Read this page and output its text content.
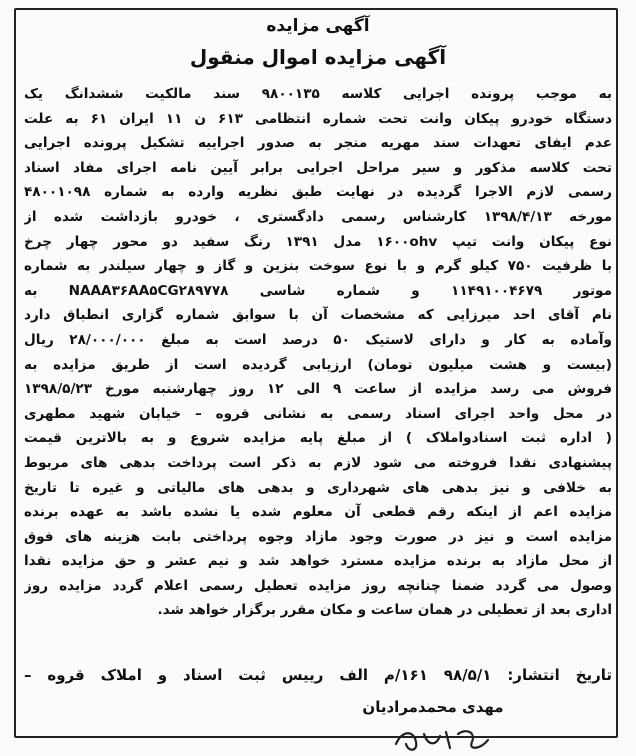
آگهی مزایده
آگهی مزایده اموال منقول
به موجب پرونده اجرایی کلاسه ۹۸۰۰۱۳۵ سند مالکیت ششدانگ یک
دستگاه خودرو پیکان وانت تحت شماره انتظامی ۶۱۳ ن ۱۱ ایران ۶۱ به علت
عدم ایفای تعهدات سند مهریه منجر به صدور اجراییه تشکیل پرونده اجرایی
تحت کلاسه مذکور و سیر مراحل اجرایی برابر آیین نامه اجرای مفاد اسناد
رسمی لازم الاجرا گردیده در نهایت طبق نظریه وارده به شماره ۴۸۰۰۱۰۹۸
مورخه ۱۳۹۸/۴/۱۳ کارشناس رسمی دادگستری ، خودرو بازداشت شده از
نوع پیکان وانت تیپ ۱۶۰۰ohv مدل ۱۳۹۱ رنگ سفید دو محور چهار چرخ
با ظرفیت ۷۵۰ کیلو گرم و با نوع سوخت بنزین و گاز و چهار سیلندر به شماره
موتور ۱۱۴۹۱۰۰۴۶۷۹ و شماره شاسی NAAA۳۶AA۵CG۲۸۹۷۷۸ به
نام آقای احد میرزایی که مشخصات آن با سوابق شماره گزاری انطباق دارد
وآماده به کار و دارای لاستیک ۵۰ درصد است به مبلغ ۲۸/۰۰۰/۰۰۰ ریال
(بیست و هشت میلیون تومان) ارزیابی گردیده است از طریق مزایده به
فروش می رسد مزایده از ساعت ۹ الی ۱۲ روز چهارشنبه مورخ ۱۳۹۸/۵/۲۳
در محل واحد اجرای اسناد رسمی به نشانی قروه – خیابان شهید مطهری
( اداره ثبت اسنادواملاک ) از مبلغ پایه مزایده شروع و به بالاترین قیمت
پیشنهادی نقدا فروخته می شود لازم به ذکر است پرداخت بدهی های مربوط
به خلافی و نیز بدهی های شهرداری و بدهی های مالیاتی و غیره تا تاریخ
مزایده اعم از اینکه رقم قطعی آن معلوم شده یا نشده باشد به عهده برنده
مزایده است و نیز در صورت وجود مازاد وجوه پرداختی بابت هزینه های فوق
از محل مازاد به برنده مزایده مسترد خواهد شد و نیم عشر و حق مزایده نقدا
وصول می گردد ضمنا چنانچه روز مزایده تعطیل رسمی اعلام گردد مزایده روز
اداری بعد از تعطیلی در همان ساعت و مکان مقرر برگزار خواهد شد.
تاریخ انتشار: ۹۸/۵/۱ ۱۶۱/م الف رییس ثبت اسناد و املاک قروه –
مهدی محمدمرادیان
